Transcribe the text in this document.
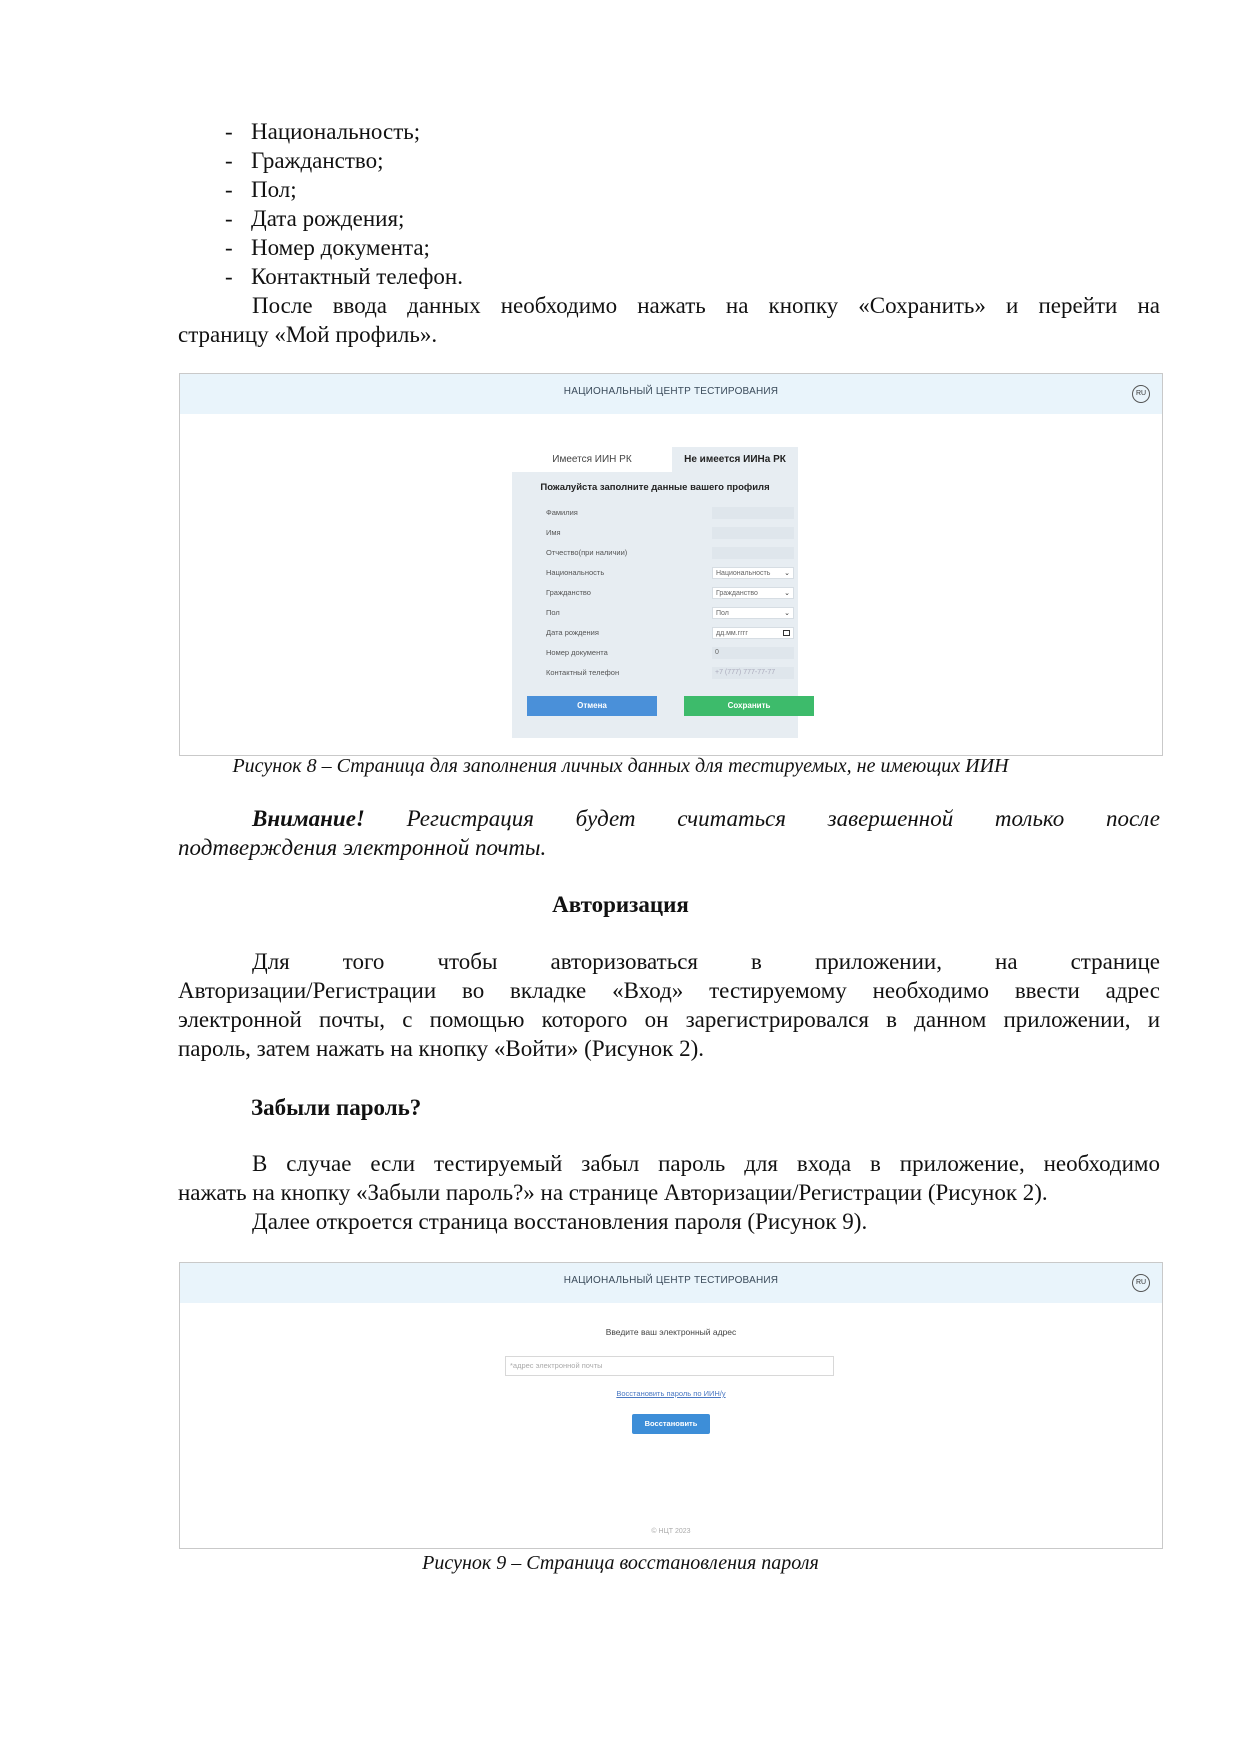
- Национальность;
- Гражданство;
- Пол;
- Дата рождения;
- Номер документа;
- Контактный телефон.
После ввода данных необходимо нажать на кнопку «Сохранить» и перейти на
страницу «Мой профиль».
НАЦИОНАЛЬНЫЙ ЦЕНТР ТЕСТИРОВАНИЯ	RU
Имеется ИИН РК	Не имеется ИИНа РК
Пожалуйста заполните данные вашего профиля
Фамилия
Имя
Отчество(при наличии)
Национальность	Национальность ⌄
Гражданство	Гражданство	⌄
Пол	Пол	⌄
Дата рождения	дд.мм.гггг
Номер документа	0
Контактный телефон	+7 (777) 777-77-77
Отмена	Сохранить
Рисунок 8 – Страница для заполнения личных данных для тестируемых, не имеющих ИИН
Внимание! Регистрация будет считаться завершенной только после
подтверждения электронной почты.
Авторизация
Для того чтобы авторизоваться в приложении, на странице
Авторизации/Регистрации во вкладке «Вход» тестируемому необходимо ввести адрес
электронной почты, с помощью которого он зарегистрировался в данном приложении, и
пароль, затем нажать на кнопку «Войти» (Рисунок 2).
Забыли пароль?
В случае если тестируемый забыл пароль для входа в приложение, необходимо
нажать на кнопку «Забыли пароль?» на странице Авторизации/Регистрации (Рисунок 2).
Далее откроется страница восстановления пароля (Рисунок 9).
НАЦИОНАЛЬНЫЙ ЦЕНТР ТЕСТИРОВАНИЯ	RU
Введите ваш электронный адрес
*адрес электронной почты
Восстановить пароль по ИИН/у
Восстановить
© НЦТ 2023
Рисунок 9 – Страница восстановления пароля
